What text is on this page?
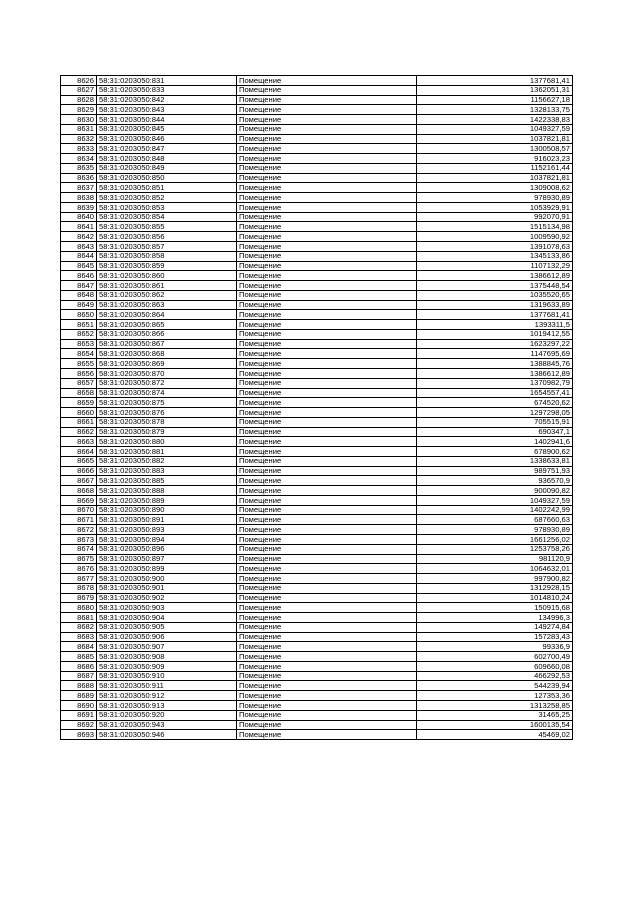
8626	58:31:0203050:831	Помещение	1377681,41
8627	58:31:0203050:833	Помещение	1362051,31
8628	58:31:0203050:842	Помещение	1156627,18
8629	58:31:0203050:843	Помещение	1328133,75
8630	58:31:0203050:844	Помещение	1422338,83
8631	58:31:0203050:845	Помещение	1049327,59
8632	58:31:0203050:846	Помещение	1037821,81
8633	58:31:0203050:847	Помещение	1300508,57
8634	58:31:0203050:848	Помещение	916023,23
8635	58:31:0203050:849	Помещение	1152161,44
8636	58:31:0203050:850	Помещение	1037821,81
8637	58:31:0203050:851	Помещение	1309008,62
8638	58:31:0203050:852	Помещение	978930,89
8639	58:31:0203050:853	Помещение	1053929,91
8640	58:31:0203050:854	Помещение	992070,91
8641	58:31:0203050:855	Помещение	1515134,98
8642	58:31:0203050:856	Помещение	1009590,92
8643	58:31:0203050:857	Помещение	1391078,63
8644	58:31:0203050:858	Помещение	1345133,86
8645	58:31:0203050:859	Помещение	1107132,29
8646	58:31:0203050:860	Помещение	1386612,89
8647	58:31:0203050:861	Помещение	1375448,54
8648	58:31:0203050:862	Помещение	1035520,65
8649	58:31:0203050:863	Помещение	1319633,89
8650	58:31:0203050:864	Помещение	1377681,41
8651	58:31:0203050:865	Помещение	1393311,5
8652	58:31:0203050:866	Помещение	1019412,55
8653	58:31:0203050:867	Помещение	1623297,22
8654	58:31:0203050:868	Помещение	1147695,69
8655	58:31:0203050:869	Помещение	1388845,76
8656	58:31:0203050:870	Помещение	1386612,89
8657	58:31:0203050:872	Помещение	1370982,79
8658	58:31:0203050:874	Помещение	1654557,41
8659	58:31:0203050:875	Помещение	674520,62
8660	58:31:0203050:876	Помещение	1297298,05
8661	58:31:0203050:878	Помещение	705515,91
8662	58:31:0203050:879	Помещение	690347,1
8663	58:31:0203050:880	Помещение	1402941,6
8664	58:31:0203050:881	Помещение	678900,62
8665	58:31:0203050:882	Помещение	1338633,81
8666	58:31:0203050:883	Помещение	989751,93
8667	58:31:0203050:885	Помещение	936570,9
8668	58:31:0203050:888	Помещение	900090,82
8669	58:31:0203050:889	Помещение	1049327,59
8670	58:31:0203050:890	Помещение	1402242,99
8671	58:31:0203050:891	Помещение	687660,63
8672	58:31:0203050:893	Помещение	978930,89
8673	58:31:0203050:894	Помещение	1661256,02
8674	58:31:0203050:896	Помещение	1253758,26
8675	58:31:0203050:897	Помещение	981120,9
8676	58:31:0203050:899	Помещение	1064632,01
8677	58:31:0203050:900	Помещение	997900,82
8678	58:31:0203050:901	Помещение	1312928,15
8679	58:31:0203050:902	Помещение	1014810,24
8680	58:31:0203050:903	Помещение	150915,68
8681	58:31:0203050:904	Помещение	134996,3
8682	58:31:0203050:905	Помещение	149274,84
8683	58:31:0203050:906	Помещение	157283,43
8684	58:31:0203050:907	Помещение	99336,9
8685	58:31:0203050:908	Помещение	602700,49
8686	58:31:0203050:909	Помещение	609660,08
8687	58:31:0203050:910	Помещение	466292,53
8688	58:31:0203050:911	Помещение	544239,94
8689	58:31:0203050:912	Помещение	127353,36
8690	58:31:0203050:913	Помещение	1313258,85
8691	58:31:0203050:920	Помещение	31465,25
8692	58:31:0203050:943	Помещение	1600135,54
8693	58:31:0203050:946	Помещение	45469,02
